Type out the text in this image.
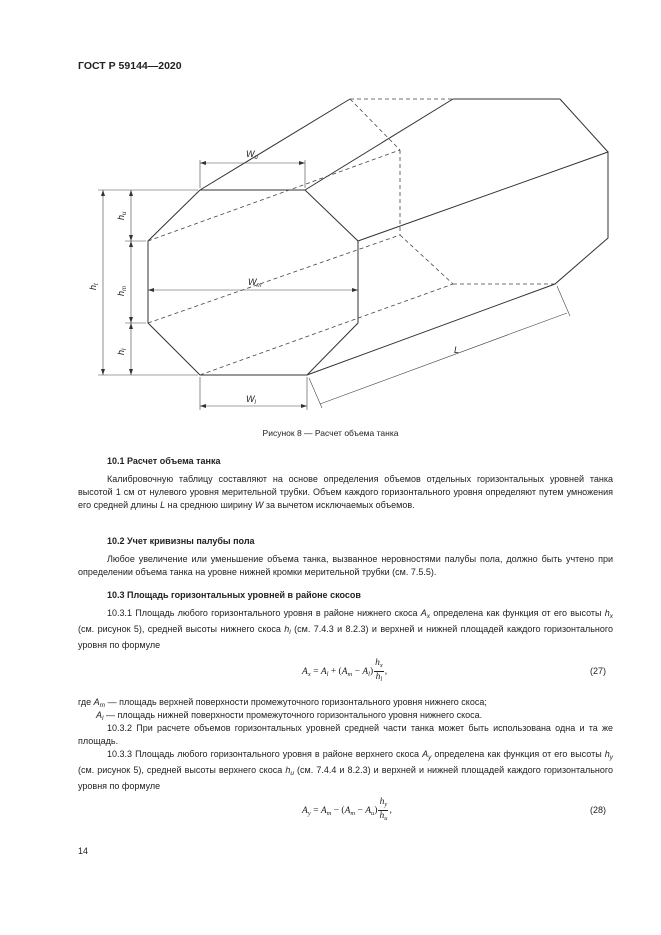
ГОСТ Р 59144—2020
$W_u$
$W_m$
$W_l$
L
$h_t$
$h_u$
$h_m$
$h_l$
Рисунок 8 — Расчет объема танка
10.1 Расчет объема танка
Калибровочную таблицу составляют на основе определения объемов отдельных горизонтальных уровней танка высотой 1 см от нулевого уровня мерительной трубки. Объем каждого горизонтального уровня определяют путем умножения его средней длины L на среднюю ширину W за вычетом исключаемых объемов.
10.2 Учет кривизны палубы пола
Любое увеличение или уменьшение объема танка, вызванное неровностями палубы пола, должно быть учтено при определении объема танка на уровне нижней кромки мерительной трубки (см. 7.5.5).
10.3 Площадь горизонтальных уровней в районе скосов
10.3.1 Площадь любого горизонтального уровня в районе нижнего скоса $A_x$ определена как функция от его высоты $h_x$ (см. рисунок 5), средней высоты нижнего скоса $h_l$ (см. 7.4.3 и 8.2.3) и верхней и нижней площадей каждого горизонтального уровня по формуле
$A_x = A_l + (A_m - A_l) \frac{h_x}{h_l}$ ,	(27)
где $A_m$ — площадь верхней поверхности промежуточного горизонтального уровня нижнего скоса;
$A_l$ — площадь нижней поверхности промежуточного горизонтального уровня нижнего скоса.
10.3.2 При расчете объемов горизонтальных уровней средней части танка может быть использована одна и та же площадь.
10.3.3 Площадь любого горизонтального уровня в районе верхнего скоса $A_y$ определена как функция от его высоты $h_y$ (см. рисунок 5), средней высоты верхнего скоса $h_u$ (см. 7.4.4 и 8.2.3) и верхней и нижней площадей каждого горизонтального уровня по формуле
$A_y = A_m - (A_m - A_u) \frac{h_y}{h_u}$ ,	(28)
14
